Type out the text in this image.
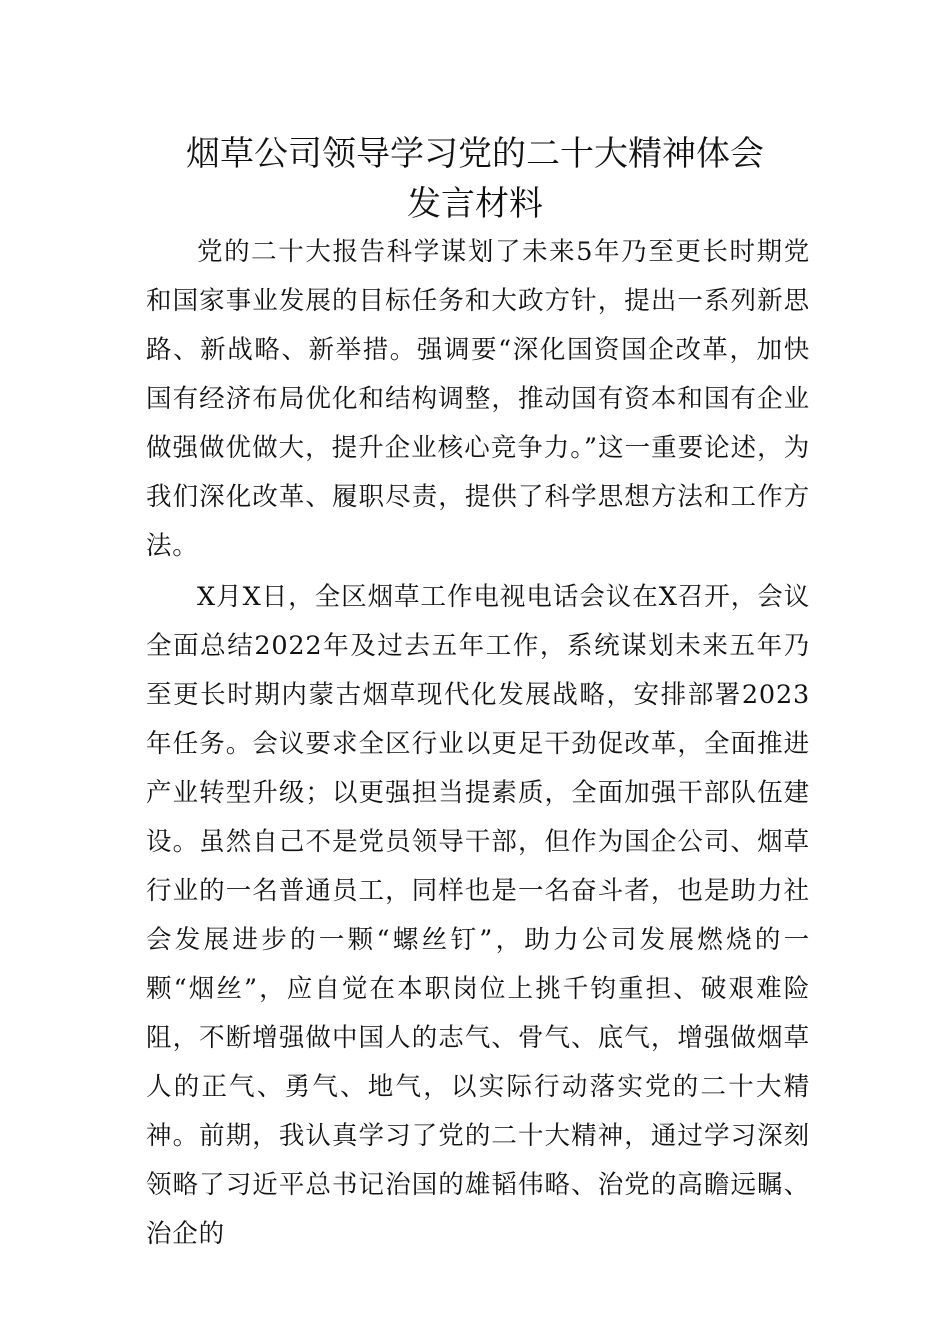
烟草公司领导学习党的二十大精神体会
发言材料

党的二十大报告科学谋划了未来5年乃至更长时期党和国家事业发展的目标任务和大政方针，提出一系列新思路、新战略、新举措。强调要“深化国资国企改革，加快国有经济布局优化和结构调整，推动国有资本和国有企业做强做优做大，提升企业核心竞争力。”这一重要论述，为我们深化改革、履职尽责，提供了科学思想方法和工作方法。

X月X日，全区烟草工作电视电话会议在X召开，会议全面总结2022年及过去五年工作，系统谋划未来五年乃至更长时期内蒙古烟草现代化发展战略，安排部署2023年任务。会议要求全区行业以更足干劲促改革，全面推进产业转型升级；以更强担当提素质，全面加强干部队伍建设。虽然自己不是党员领导干部，但作为国企公司、烟草行业的一名普通员工，同样也是一名奋斗者，也是助力社会发展进步的一颗“螺丝钉”，助力公司发展燃烧的一颗“烟丝”，应自觉在本职岗位上挑千钧重担、破艰难险阻，不断增强做中国人的志气、骨气、底气，增强做烟草人的正气、勇气、地气，以实际行动落实党的二十大精神。前期，我认真学习了党的二十大精神，通过学习深刻领略了习近平总书记治国的雄韬伟略、治党的高瞻远瞩、治企的
